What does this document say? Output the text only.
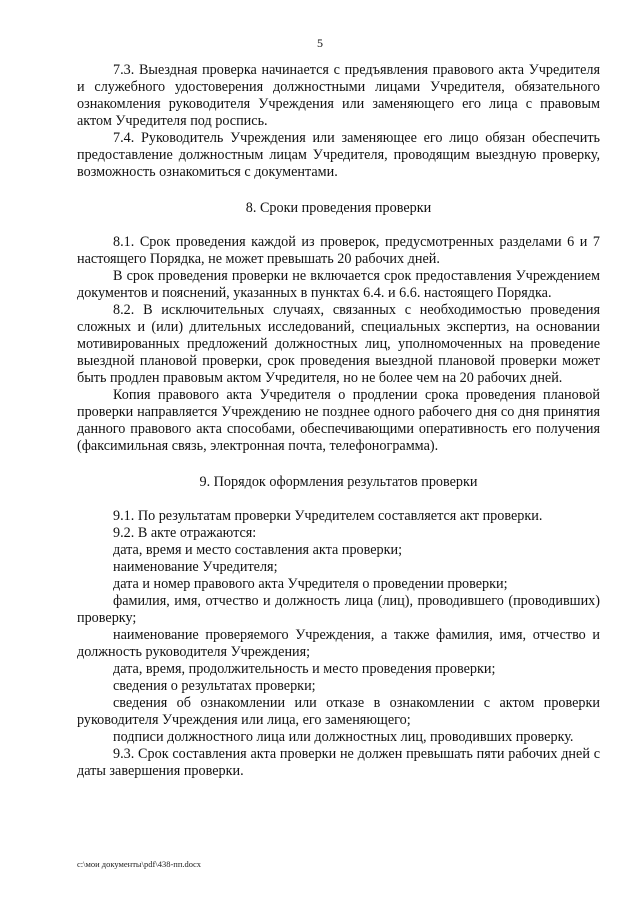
5

7.3. Выездная проверка начинается с предъявления правового акта Учредителя и служебного удостоверения должностными лицами Учредителя, обязательного ознакомления руководителя Учреждения или заменяющего его лица с правовым актом Учредителя под роспись.

7.4. Руководитель Учреждения или заменяющее его лицо обязан обеспечить предоставление должностным лицам Учредителя, проводящим выездную проверку, возможность ознакомиться с документами.

8. Сроки проведения проверки

8.1. Срок проведения каждой из проверок, предусмотренных разделами 6 и 7 настоящего Порядка, не может превышать 20 рабочих дней.

В срок проведения проверки не включается срок предоставления Учреждением документов и пояснений, указанных в пунктах 6.4. и 6.6. настоящего Порядка.

8.2. В исключительных случаях, связанных с необходимостью проведения сложных и (или) длительных исследований, специальных экспертиз, на основании мотивированных предложений должностных лиц, уполномоченных на проведение выездной плановой проверки, срок проведения выездной плановой проверки может быть продлен правовым актом Учредителя, но не более чем на 20 рабочих дней.

Копия правового акта Учредителя о продлении срока проведения плановой проверки направляется Учреждению не позднее одного рабочего дня со дня принятия данного правового акта способами, обеспечивающими оперативность его получения (факсимильная связь, электронная почта, телефонограмма).

9. Порядок оформления результатов проверки

9.1. По результатам проверки Учредителем составляется акт проверки.

9.2. В акте отражаются:

дата, время и место составления акта проверки;

наименование Учредителя;

дата и номер правового акта Учредителя о проведении проверки;

фамилия, имя, отчество и должность лица (лиц), проводившего (проводивших) проверку;

наименование проверяемого Учреждения, а также фамилия, имя, отчество и должность руководителя Учреждения;

дата, время, продолжительность и место проведения проверки;

сведения о результатах проверки;

сведения об ознакомлении или отказе в ознакомлении с актом проверки руководителя Учреждения или лица, его заменяющего;

подписи должностного лица или должностных лиц, проводивших проверку.

9.3. Срок составления акта проверки не должен превышать пяти рабочих дней с даты завершения проверки.

c:\мои документы\pdf\438-пп.docx
